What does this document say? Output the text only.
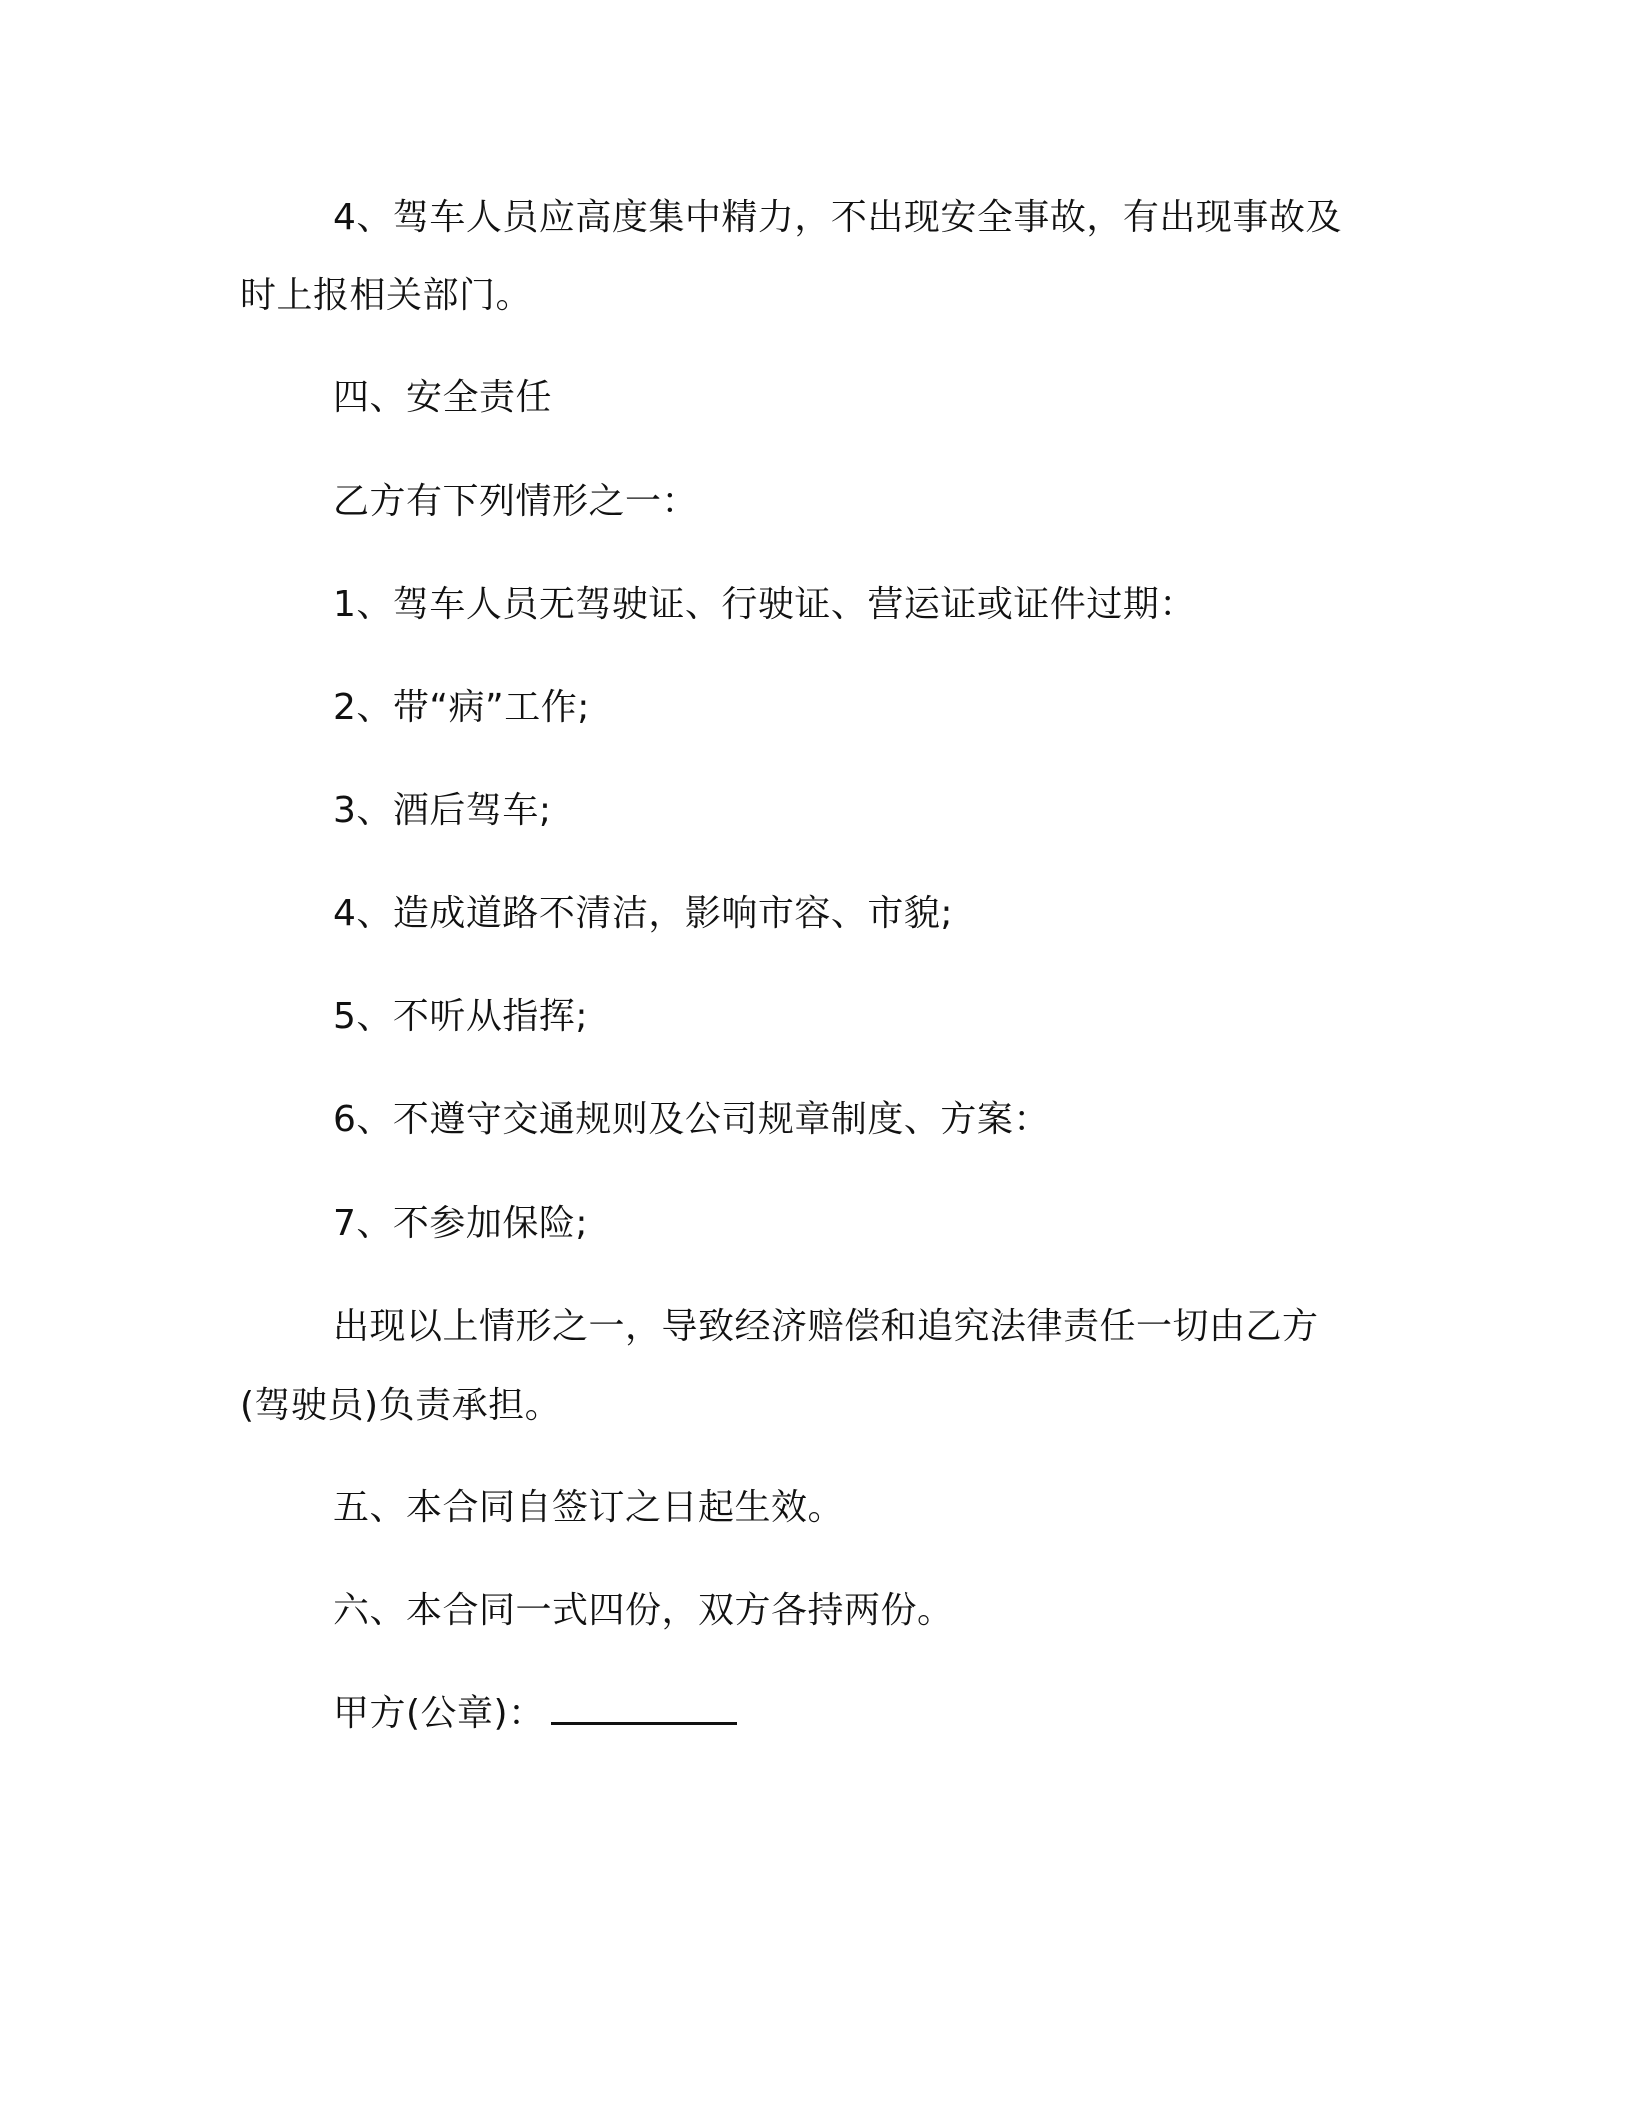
4、驾车人员应高度集中精力，不出现安全事故，有出现事故及
时上报相关部门。
四、安全责任
乙方有下列情形之一：
1、驾车人员无驾驶证、行驶证、营运证或证件过期：
2、带“病”工作;
3、酒后驾车;
4、造成道路不清洁，影响市容、市貌;
5、不听从指挥;
6、不遵守交通规则及公司规章制度、方案：
7、不参加保险;
出现以上情形之一，导致经济赔偿和追究法律责任一切由乙方
(驾驶员)负责承担。
五、本合同自签订之日起生效。
六、本合同一式四份，双方各持两份。
甲方(公章)：
